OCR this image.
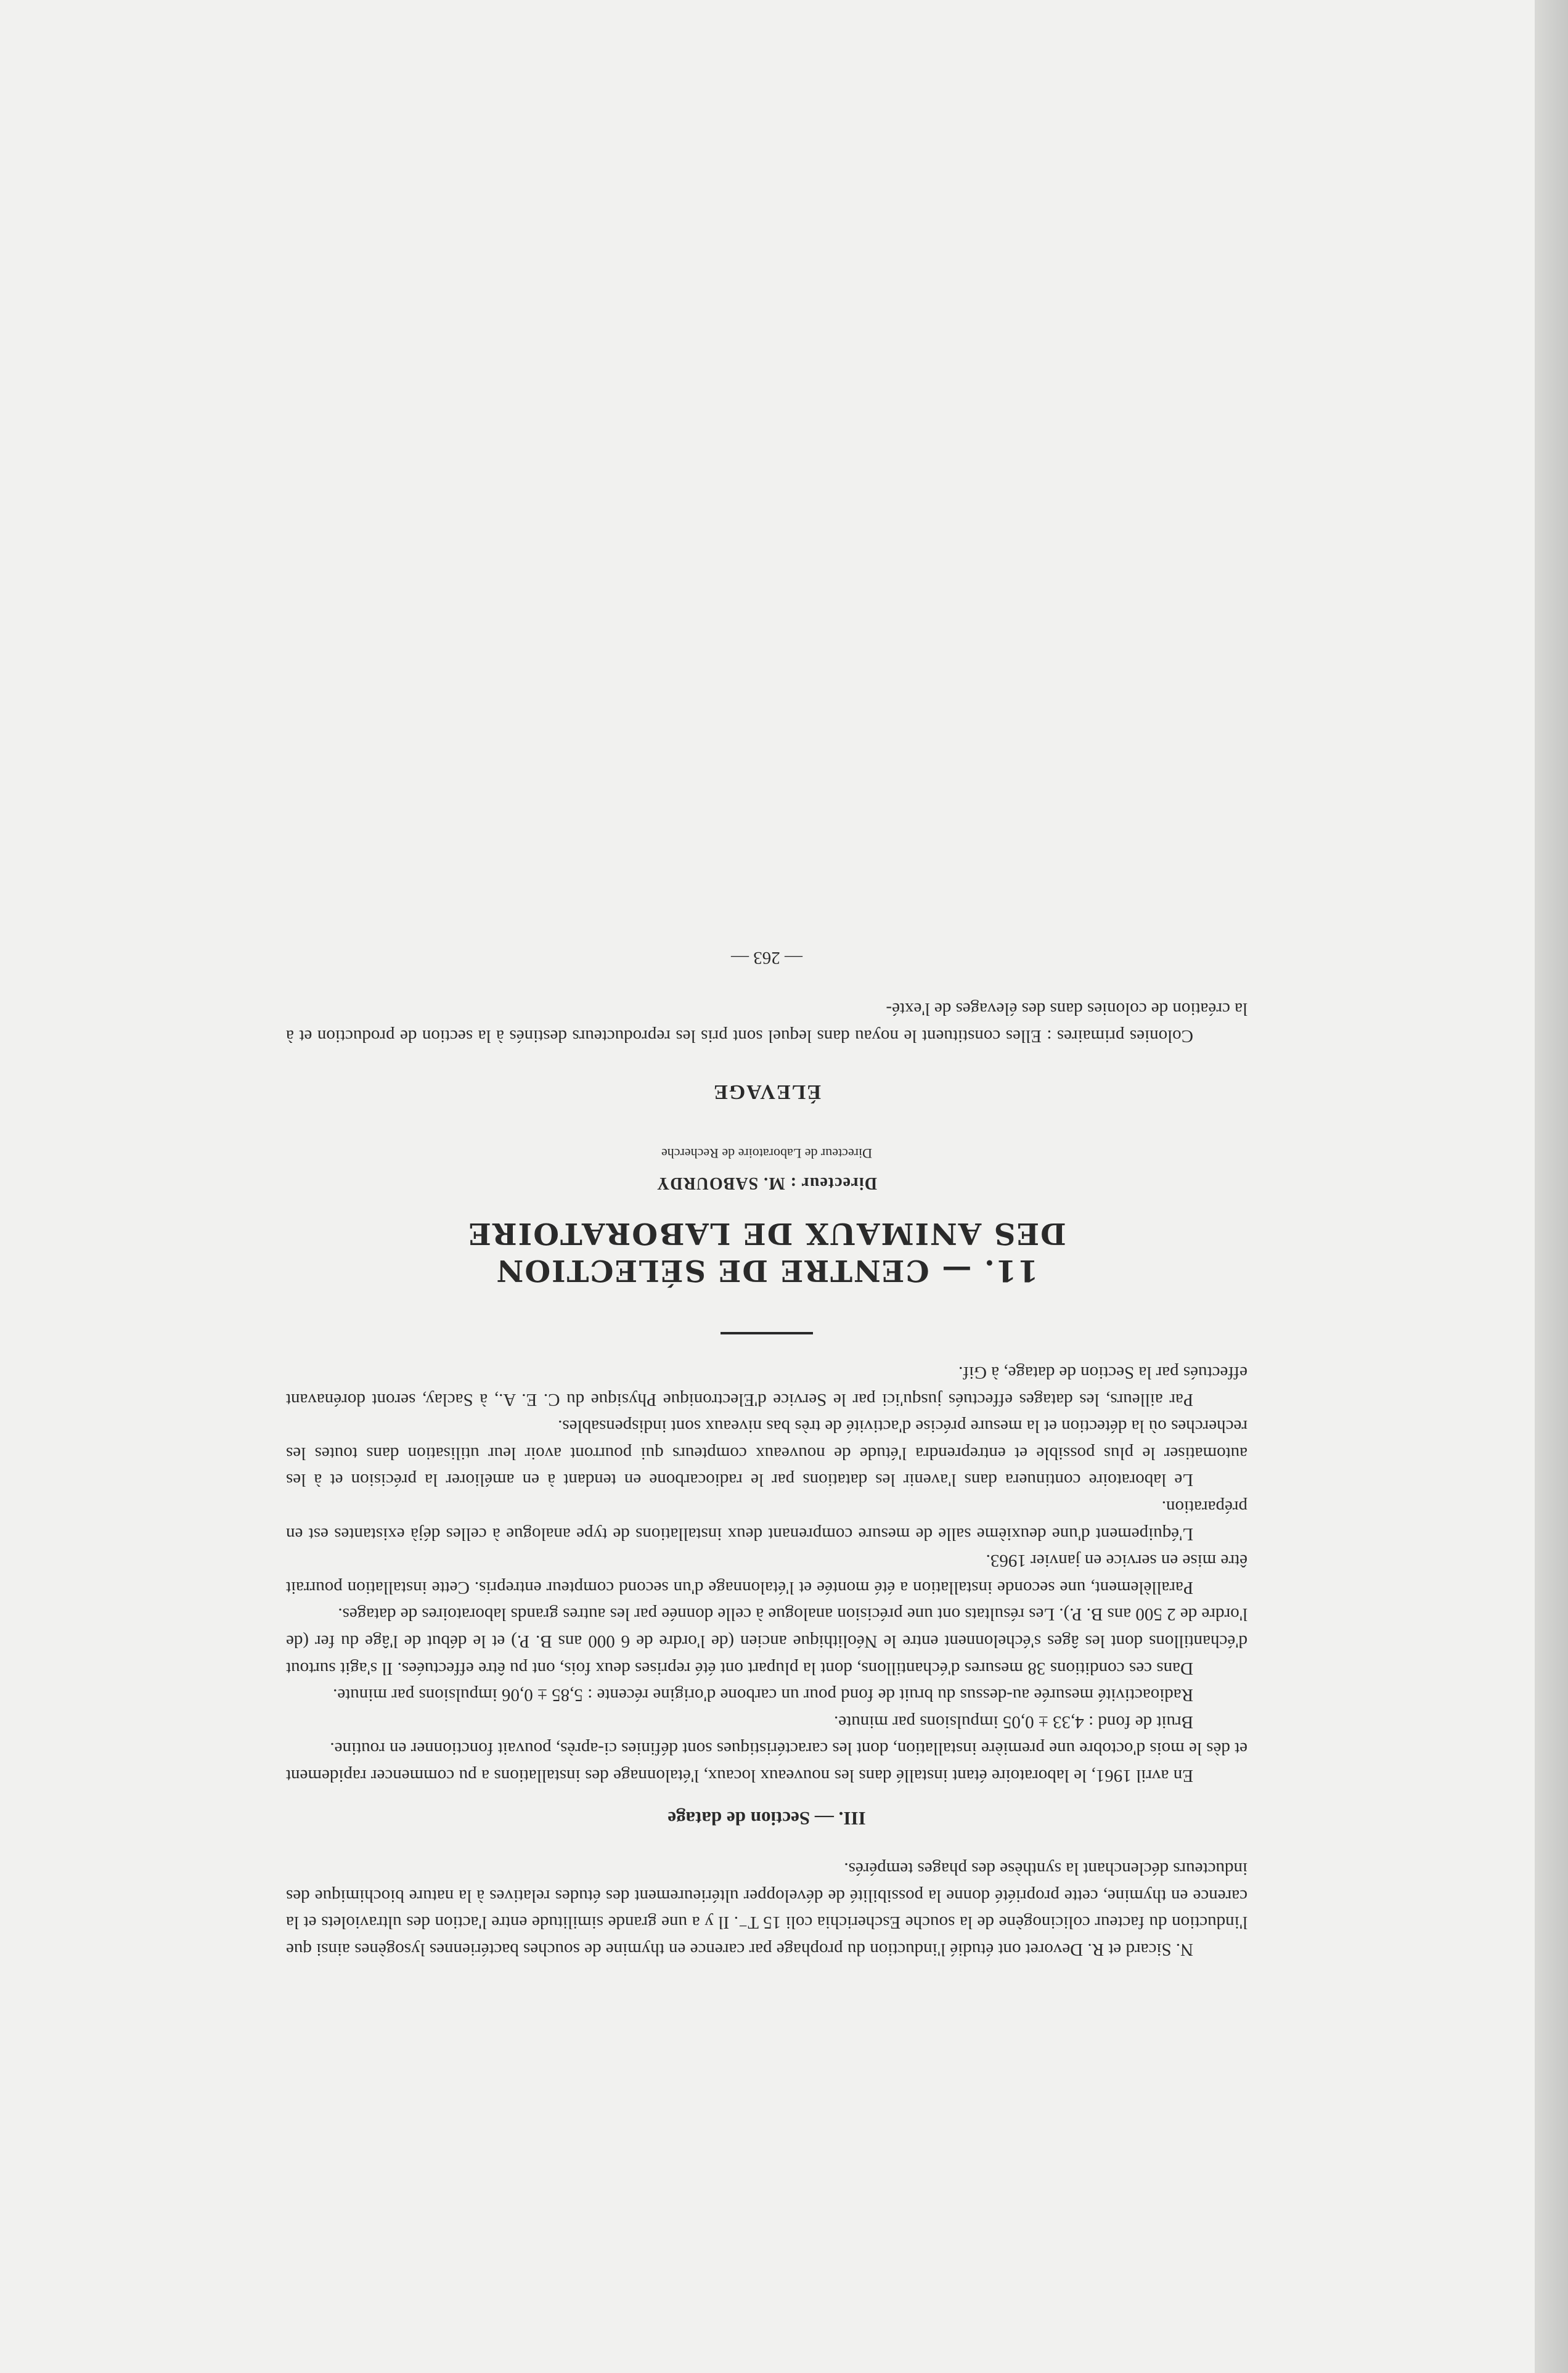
N. Sicard et R. Devoret ont étudié l'induction du prophage par carence en thymine de souches bactériennes lysogènes ainsi que l'induction du facteur colicinogène de la souche Escherichia coli 15 T⁻. Il y a une grande similitude entre l'action des ultraviolets et la carence en thymine, cette propriété donne la possibilité de développer ultérieurement des études relatives à la nature biochimique des inducteurs déclenchant la synthèse des phages tempérés.

III. — Section de datage

En avril 1961, le laboratoire étant installé dans les nouveaux locaux, l'étalonnage des installations a pu commencer rapidement et dès le mois d'octobre une première installation, dont les caractéristiques sont définies ci-après, pouvait fonctionner en routine.

Bruit de fond : 4,33 ± 0,05 impulsions par minute.

Radioactivité mesurée au-dessus du bruit de fond pour un carbone d'origine récente : 5,85 ± 0,06 impulsions par minute.

Dans ces conditions 38 mesures d'échantillons, dont la plupart ont été reprises deux fois, ont pu être effectuées. Il s'agit surtout d'échantillons dont les âges s'échelonnent entre le Néolithique ancien (de l'ordre de 6 000 ans B. P.) et le début de l'âge du fer (de l'ordre de 2 500 ans B. P.). Les résultats ont une précision analogue à celle donnée par les autres grands laboratoires de datages.

Parallèlement, une seconde installation a été montée et l'étalonnage d'un second compteur entrepris. Cette installation pourrait être mise en service en janvier 1963.

L'équipement d'une deuxième salle de mesure comprenant deux installations de type analogue à celles déjà existantes est en préparation.

Le laboratoire continuera dans l'avenir les datations par le radiocarbone en tendant à en améliorer la précision et à les automatiser le plus possible et entreprendra l'étude de nouveaux compteurs qui pourront avoir leur utilisation dans toutes les recherches où la détection et la mesure précise d'activité de très bas niveaux sont indispensables.

Par ailleurs, les datages effectués jusqu'ici par le Service d'Electronique Physique du C. E. A., à Saclay, seront dorénavant effectués par la Section de datage, à Gif.

11. — CENTRE DE SÉLECTION
DES ANIMAUX DE LABORATOIRE
Directeur : M. SABOURDY
Directeur de Laboratoire de Recherche
ÉLEVAGE

Colonies primaires : Elles constituent le noyau dans lequel sont pris les reproducteurs destinés à la section de production et à la création de colonies dans des élevages de l'exté-

— 263 —
